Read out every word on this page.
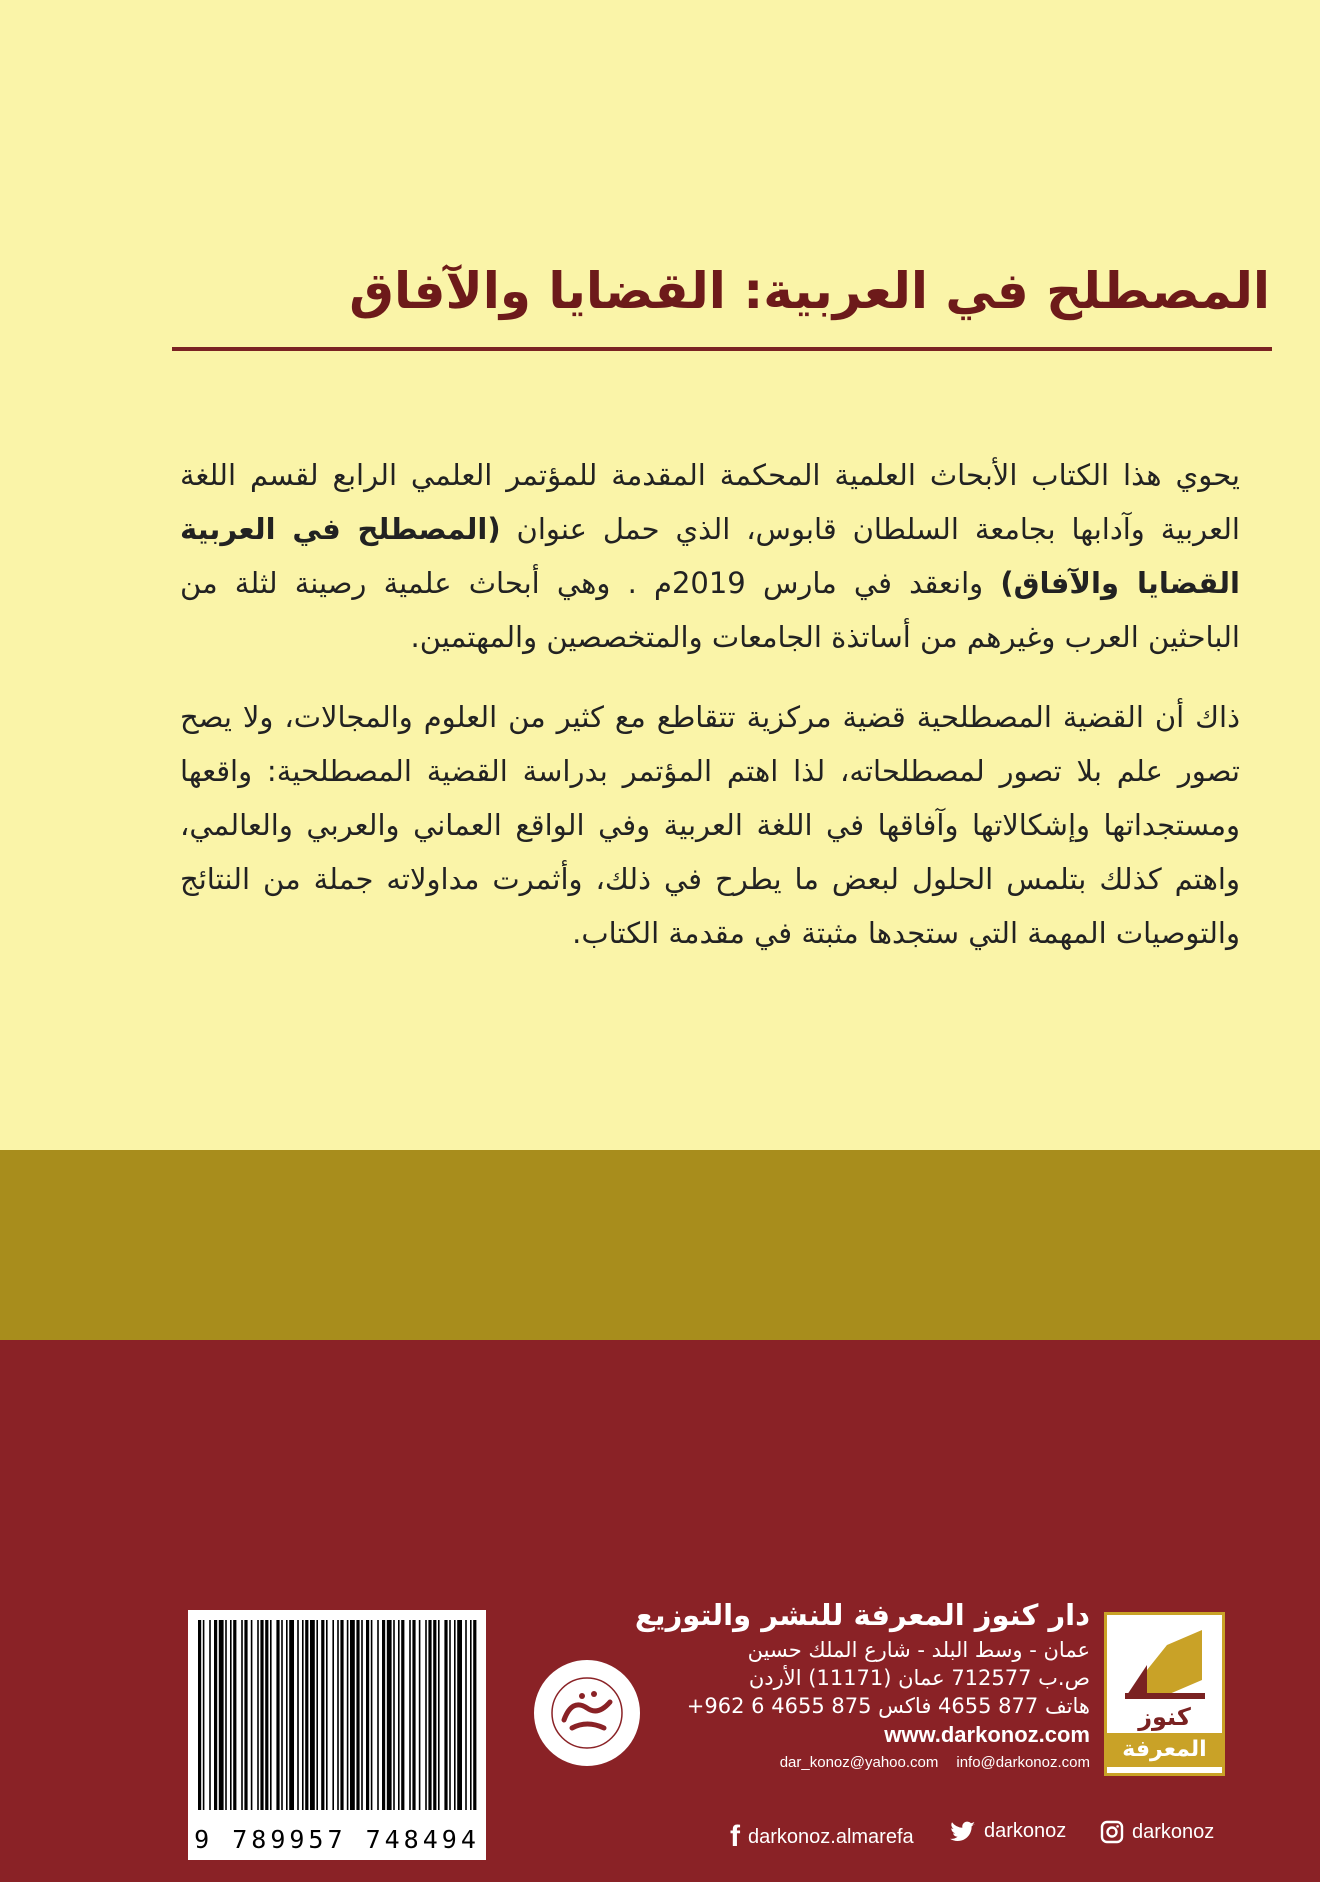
المصطلح في العربية: القضايا والآفاق

يحوي هذا الكتاب الأبحاث العلمية المحكمة المقدمة للمؤتمر العلمي الرابع لقسم اللغة العربية وآدابها بجامعة السلطان قابوس، الذي حمل عنوان (المصطلح في العربية القضايا والآفاق) وانعقد في مارس 2019م . وهي أبحاث علمية رصينة لثلة من الباحثين العرب وغيرهم من أساتذة الجامعات والمتخصصين والمهتمين.

ذاك أن القضية المصطلحية قضية مركزية تتقاطع مع كثير من العلوم والمجالات، ولا يصح تصور علم بلا تصور لمصطلحاته، لذا اهتم المؤتمر بدراسة القضية المصطلحية: واقعها ومستجداتها وإشكالاتها وآفاقها في اللغة العربية وفي الواقع العماني والعربي والعالمي، واهتم كذلك بتلمس الحلول لبعض ما يطرح في ذلك، وأثمرت مداولاته جملة من النتائج والتوصيات المهمة التي ستجدها مثبتة في مقدمة الكتاب.

9 789957 748494
كنوز
المعرفة
دار كنوز المعرفة للنشر والتوزيع
عمان - وسط البلد - شارع الملك حسين
ص.ب 712577 عمان (11171) الأردن
هاتف 877 4655 فاكس 875 4655 6 962+
www.darkonoz.com
dar_konoz@yahoo.com info@darkonoz.com
f darkonoz.almarefa	darkonoz	darkonoz
